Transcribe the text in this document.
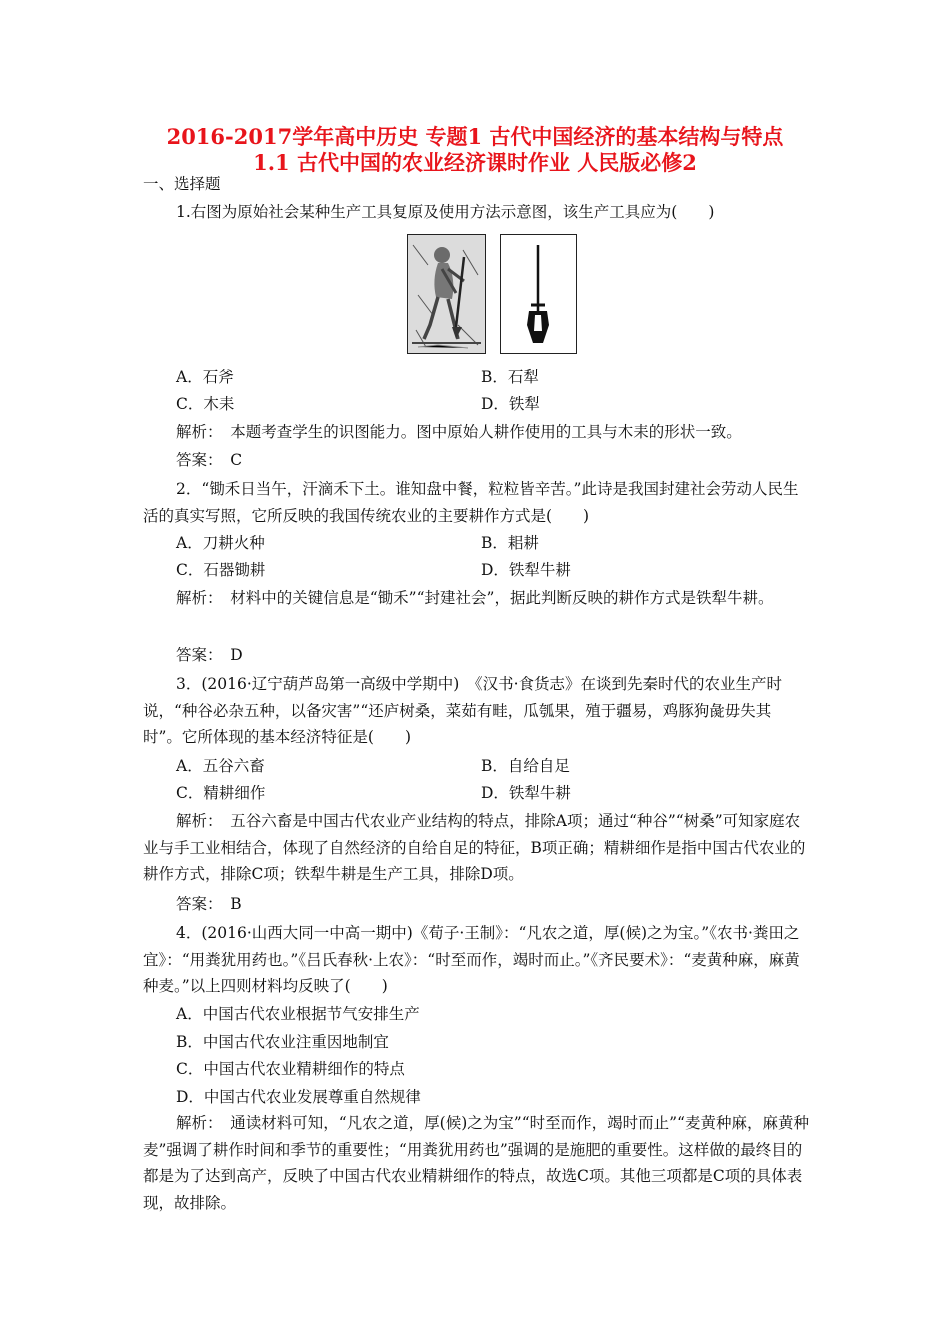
2016-2017学年高中历史 专题1 古代中国经济的基本结构与特点
1.1 古代中国的农业经济课时作业 人民版必修2
一、选择题
1.右图为原始社会某种生产工具复原及使用方法示意图，该生产工具应为(　　)
A．石斧	B．石犁
C．木耒	D．铁犁
解析：　本题考查学生的识图能力。图中原始人耕作使用的工具与木耒的形状一致。
答案：　C
2．“锄禾日当午，汗滴禾下土。谁知盘中餐，粒粒皆辛苦。”此诗是我国封建社会劳动人民生活的真实写照，它所反映的我国传统农业的主要耕作方式是(　　)
A．刀耕火种	B．耜耕
C．石器锄耕	D．铁犁牛耕
解析：　材料中的关键信息是“锄禾”“封建社会”，据此判断反映的耕作方式是铁犁牛耕。
答案：　D
3．(2016·辽宁葫芦岛第一高级中学期中)　《汉书·食货志》在谈到先秦时代的农业生产时说，“种谷必杂五种，以备灾害”“还庐树桑，菜茹有畦，瓜瓠果，殖于疆易，鸡豚狗彘毋失其时”。它所体现的基本经济特征是(　　)
A．五谷六畜	B．自给自足
C．精耕细作	D．铁犁牛耕
解析：　五谷六畜是中国古代农业产业结构的特点，排除A项；通过“种谷”“树桑”可知家庭农业与手工业相结合，体现了自然经济的自给自足的特征，B项正确；精耕细作是指中国古代农业的耕作方式，排除C项；铁犁牛耕是生产工具，排除D项。
答案：　B
4．(2016·山西大同一中高一期中)《荀子·王制》：“凡农之道，厚(候)之为宝。”《农书·粪田之宜》：“用粪犹用药也。”《吕氏春秋·上农》：“时至而作，竭时而止。”《齐民要术》：“麦黄种麻，麻黄种麦。”以上四则材料均反映了(　　)
A．中国古代农业根据节气安排生产
B．中国古代农业注重因地制宜
C．中国古代农业精耕细作的特点
D．中国古代农业发展尊重自然规律
解析：　通读材料可知，“凡农之道，厚(候)之为宝”“时至而作，竭时而止”“麦黄种麻，麻黄种麦”强调了耕作时间和季节的重要性；“用粪犹用药也”强调的是施肥的重要性。这样做的最终目的都是为了达到高产，反映了中国古代农业精耕细作的特点，故选C项。其他三项都是C项的具体表现，故排除。
